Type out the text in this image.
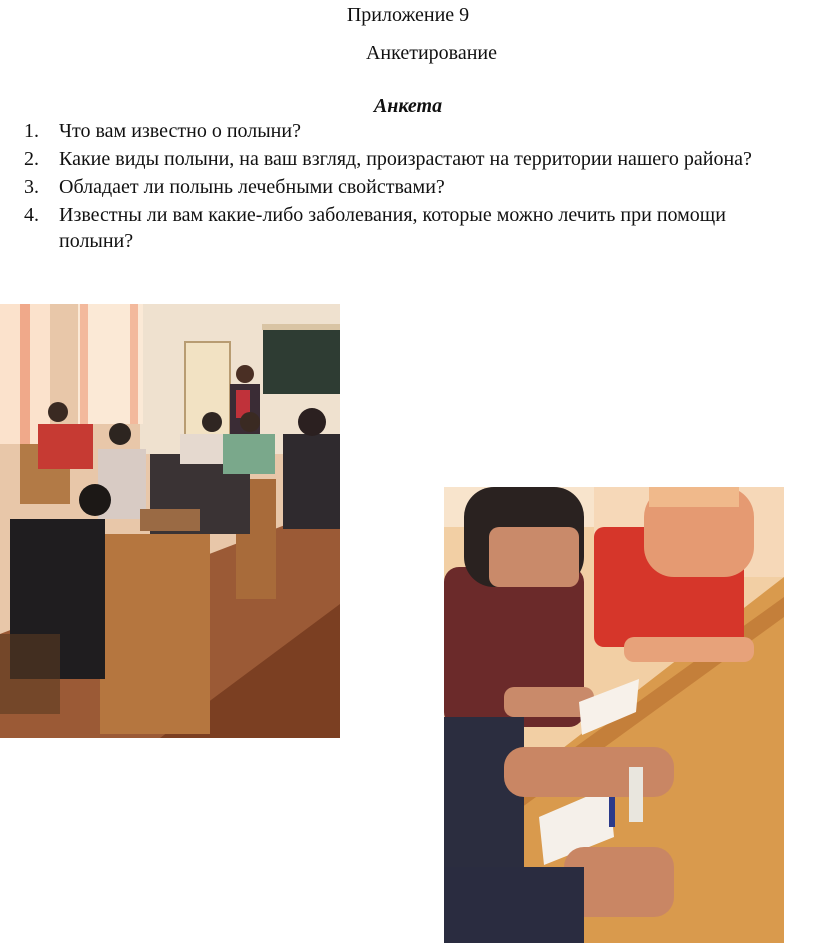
Приложение 9
Анкетирование
Анкета
1. Что вам известно о полыни?
2. Какие виды полыни, на ваш взгляд, произрастают на территории нашего района?
3. Обладает ли полынь лечебными свойствами?
4. Известны ли вам какие-либо заболевания, которые можно лечить при помощи полыни?
